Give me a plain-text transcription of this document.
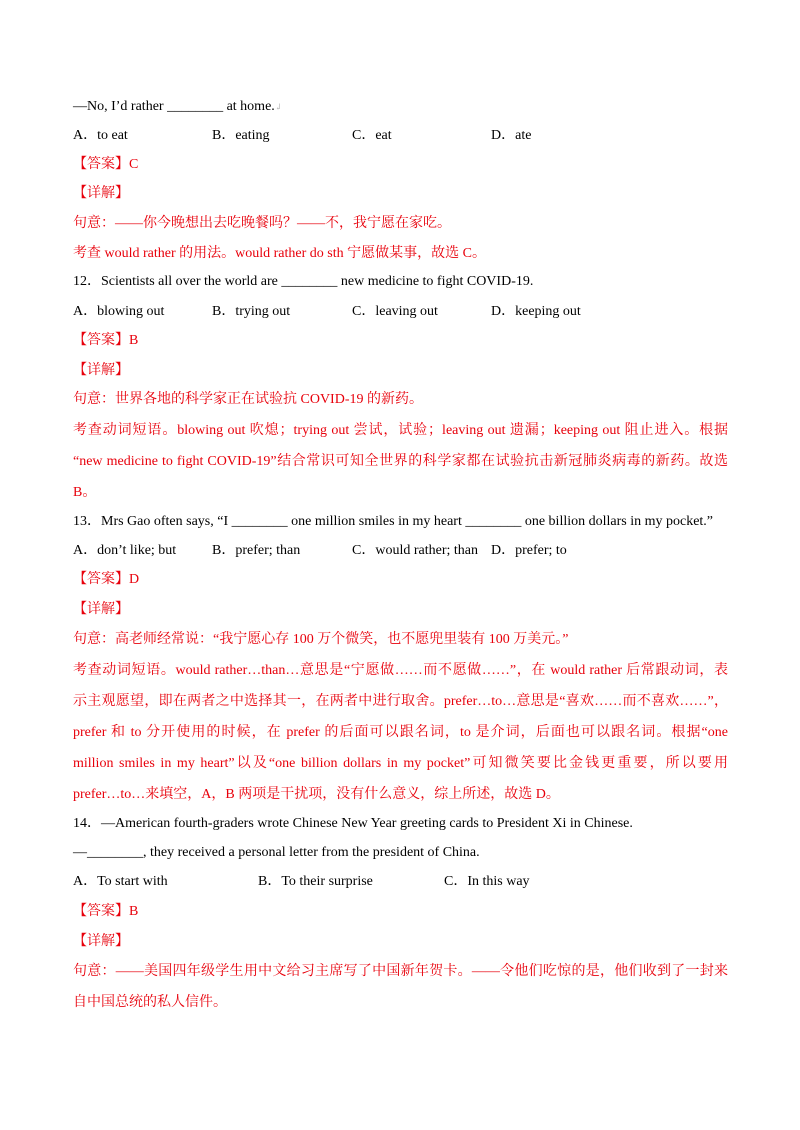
—No, I’d rather ________ at home.↲
A．to eat	B．eating	C．eat	D．ate
【答案】C
【详解】
句意：——你今晚想出去吃晚餐吗？——不，我宁愿在家吃。
考查 would rather 的用法。would rather do sth 宁愿做某事，故选 C。
12．Scientists all over the world are ________ new medicine to fight COVID-19.
A．blowing out	B．trying out	C．leaving out	D．keeping out
【答案】B
【详解】
句意：世界各地的科学家正在试验抗 COVID-19 的新药。
考查动词短语。blowing out 吹熄；trying out 尝试，试验；leaving out 遗漏；keeping out 阻止进入。根据
“new medicine to fight COVID-19”结合常识可知全世界的科学家都在试验抗击新冠肺炎病毒的新药。故选
B。
13．Mrs Gao often says, “I ________ one million smiles in my heart ________ one billion dollars in my pocket.”
A．don’t like; but	B．prefer; than	C．would rather; than D．prefer; to
【答案】D
【详解】
句意：高老师经常说：“我宁愿心存 100 万个微笑，也不愿兜里装有 100 万美元。”
考查动词短语。would rather…than…意思是“宁愿做……而不愿做……”，在 would rather 后常跟动词，表
示主观愿望，即在两者之中选择其一，在两者中进行取舍。prefer…to…意思是“喜欢……而不喜欢……”，
prefer 和 to 分开使用的时候，在 prefer 的后面可以跟名词，to 是介词，后面也可以跟名词。根据“one
million smiles in my heart”以及“one billion dollars in my pocket”可知微笑要比金钱更重要，所以要用
prefer…to…来填空，A，B 两项是干扰项，没有什么意义，综上所述，故选 D。
14．—American fourth-graders wrote Chinese New Year greeting cards to President Xi in Chinese.
—________, they received a personal letter from the president of China.
A．To start with	B．To their surprise	C．In this way
【答案】B
【详解】
句意：——美国四年级学生用中文给习主席写了中国新年贺卡。——令他们吃惊的是，他们收到了一封来
自中国总统的私人信件。
